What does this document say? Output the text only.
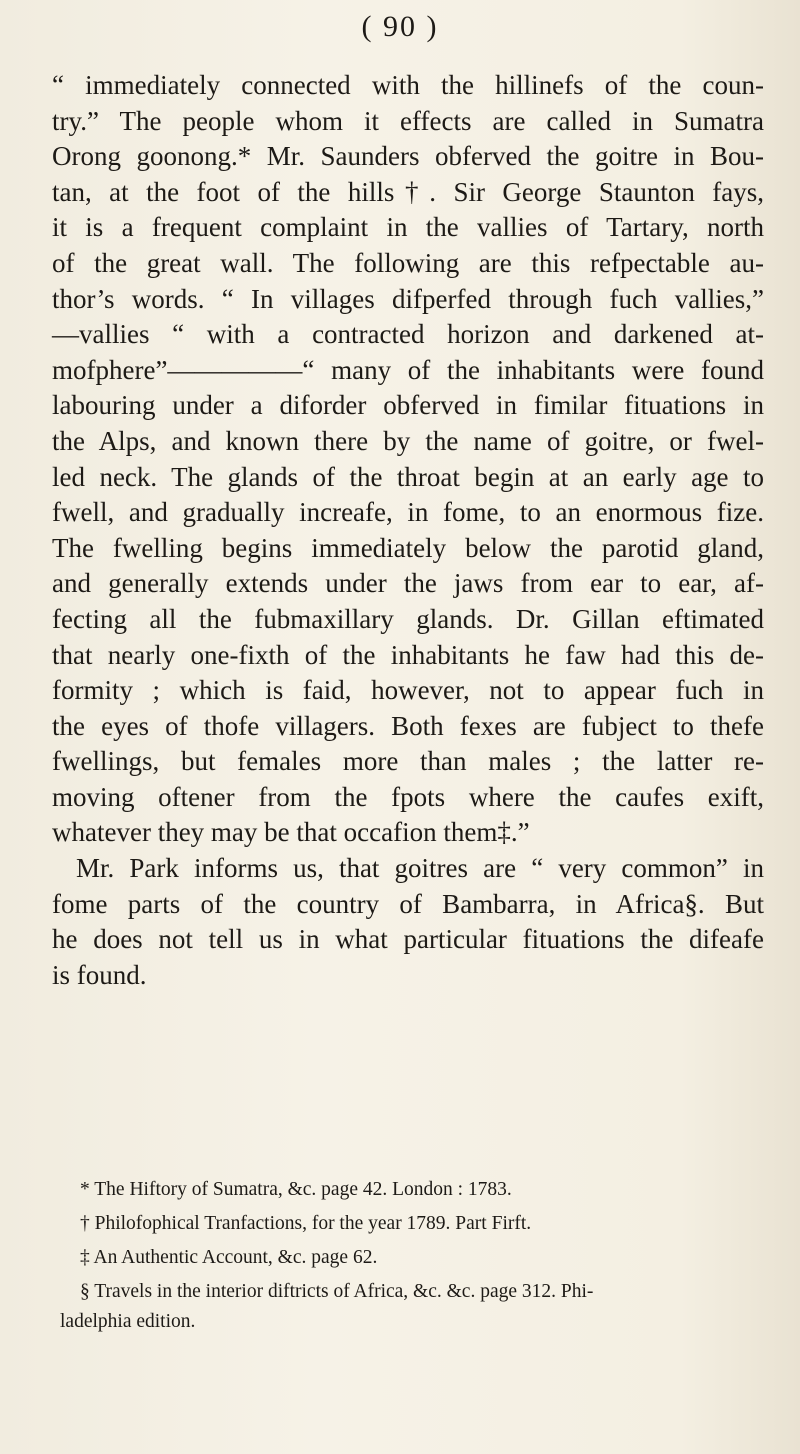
( 90 )
“ immediately connected with the hillinefs of the coun-
try.” The people whom it effects are called in Sumatra
Orong goonong.* Mr. Saunders obferved the goitre in Bou-
tan, at the foot of the hills†. Sir George Staunton fays,
it is a frequent complaint in the vallies of Tartary, north
of the great wall. The following are this refpectable au-
thor’s words. “ In villages difperfed through fuch vallies,”
—vallies “ with a contracted horizon and darkened at-
mofphere”—————“ many of the inhabitants were found
labouring under a diforder obferved in fimilar fituations in
the Alps, and known there by the name of goitre, or fwel-
led neck. The glands of the throat begin at an early age to
fwell, and gradually increafe, in fome, to an enormous fize.
The fwelling begins immediately below the parotid gland,
and generally extends under the jaws from ear to ear, af-
fecting all the fubmaxillary glands. Dr. Gillan eftimated
that nearly one-fixth of the inhabitants he faw had this de-
formity ; which is faid, however, not to appear fuch in
the eyes of thofe villagers. Both fexes are fubject to thefe
fwellings, but females more than males ; the latter re-
moving oftener from the fpots where the caufes exift,
whatever they may be that occafion them‡.”
Mr. Park informs us, that goitres are “ very common” in
fome parts of the country of Bambarra, in Africa§. But
he does not tell us in what particular fituations the difeafe
is found.
* The Hiftory of Sumatra, &c. page 42. London : 1783.
† Philofophical Tranfactions, for the year 1789. Part Firft.
‡ An Authentic Account, &c. page 62.
§ Travels in the interior diftricts of Africa, &c. &c. page 312. Phi-
ladelphia edition.
